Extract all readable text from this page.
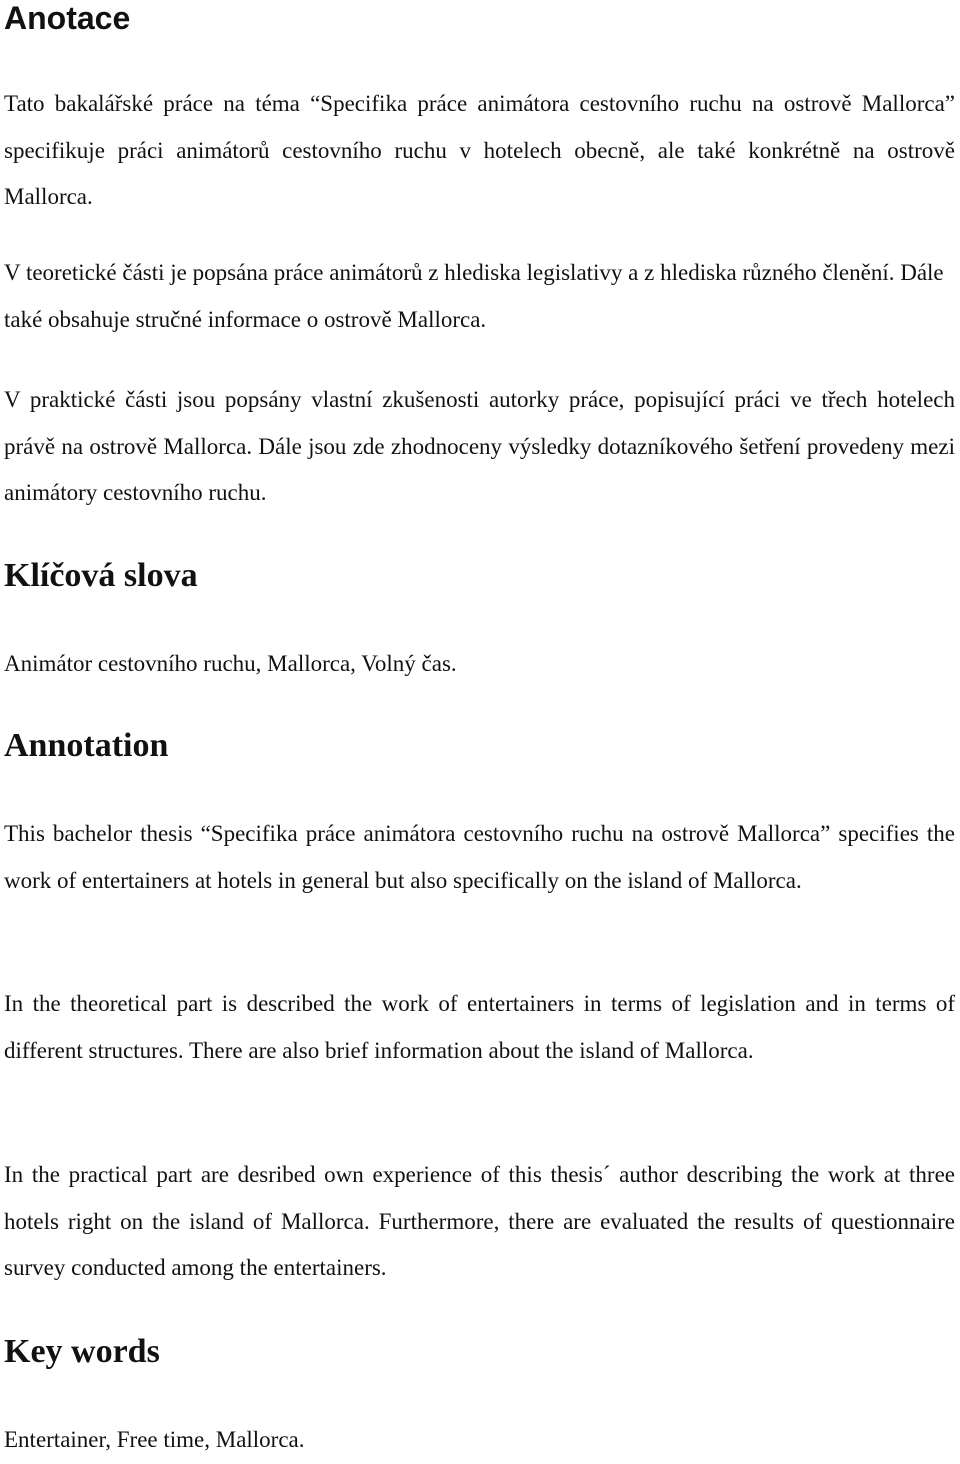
Anotace

Tato bakalářské práce na téma “Specifika práce animátora cestovního ruchu na ostrově Mallorca” specifikuje práci animátorů cestovního ruchu v hotelech obecně, ale také konkrétně na ostrově Mallorca.

V teoretické části je popsána práce animátorů z hlediska legislativy a z hlediska různého členění. Dále také obsahuje stručné informace o ostrově Mallorca.

V praktické části jsou popsány vlastní zkušenosti autorky práce, popisující práci ve třech hotelech právě na ostrově Mallorca. Dále jsou zde zhodnoceny výsledky dotazníkového šetření provedeny mezi animátory cestovního ruchu.

Klíčová slova

Animátor cestovního ruchu, Mallorca, Volný čas.

Annotation

This bachelor thesis “Specifika práce animátora cestovního ruchu na ostrově Mallorca” specifies the work of entertainers at hotels in general but also specifically on the island of Mallorca.

In the theoretical part is described the work of entertainers in terms of legislation and in terms of different structures. There are also brief information about the island of Mallorca.

In the practical part are desribed own experience of this thesis´ author describing the work at three hotels right on the island of Mallorca. Furthermore, there are evaluated the results of questionnaire survey conducted among the entertainers.

Key words

Entertainer, Free time, Mallorca.
